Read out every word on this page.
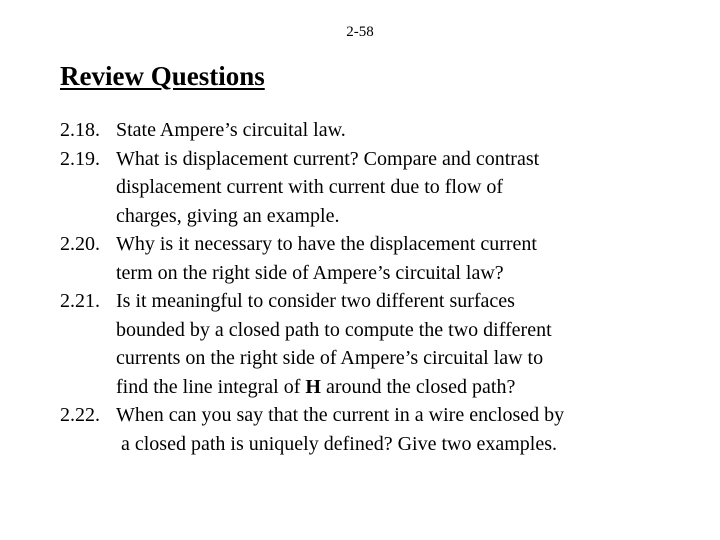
2-58
Review Questions
2.18. State Ampere’s circuital law.
2.19. What is displacement current? Compare and contrast
displacement current with current due to flow of
charges, giving an example.
2.20. Why is it necessary to have the displacement current
term on the right side of Ampere’s circuital law?
2.21. Is it meaningful to consider two different surfaces
bounded by a closed path to compute the two different
currents on the right side of Ampere’s circuital law to
find the line integral of H around the closed path?
2.22. When can you say that the current in a wire enclosed by
a closed path is uniquely defined? Give two examples.
